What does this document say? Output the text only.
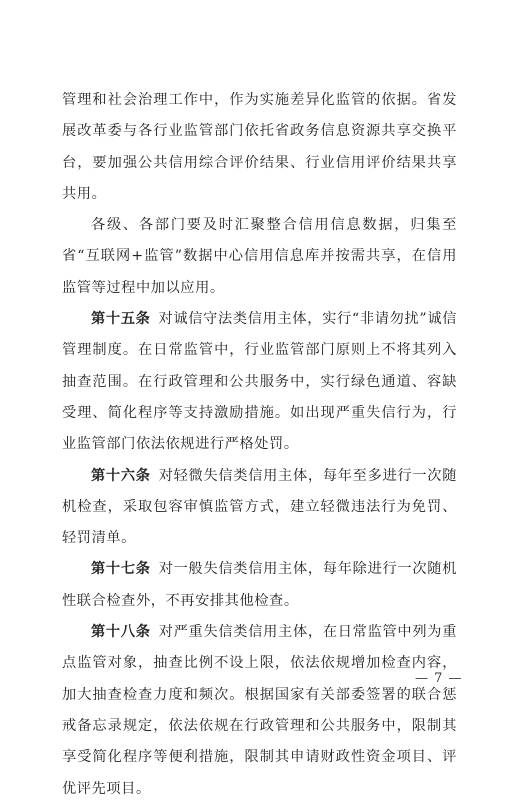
管理和社会治理工作中，作为实施差异化监管的依据。省发展改革委与各行业监管部门依托省政务信息资源共享交换平台，要加强公共信用综合评价结果、行业信用评价结果共享共用。

各级、各部门要及时汇聚整合信用信息数据，归集至省“互联网+监管”数据中心信用信息库并按需共享，在信用监管等过程中加以应用。

第十五条 对诚信守法类信用主体，实行“非请勿扰”诚信管理制度。在日常监管中，行业监管部门原则上不将其列入抽查范围。在行政管理和公共服务中，实行绿色通道、容缺受理、简化程序等支持激励措施。如出现严重失信行为，行业监管部门依法依规进行严格处罚。

第十六条 对轻微失信类信用主体，每年至多进行一次随机检查，采取包容审慎监管方式，建立轻微违法行为免罚、轻罚清单。

第十七条 对一般失信类信用主体，每年除进行一次随机性联合检查外，不再安排其他检查。

第十八条 对严重失信类信用主体，在日常监管中列为重点监管对象，抽查比例不设上限，依法依规增加检查内容，加大抽查检查力度和频次。根据国家有关部委签署的联合惩戒备忘录规定，依法依规在行政管理和公共服务中，限制其享受简化程序等便利措施，限制其申请财政性资金项目、评优评先项目。

— 7 —
